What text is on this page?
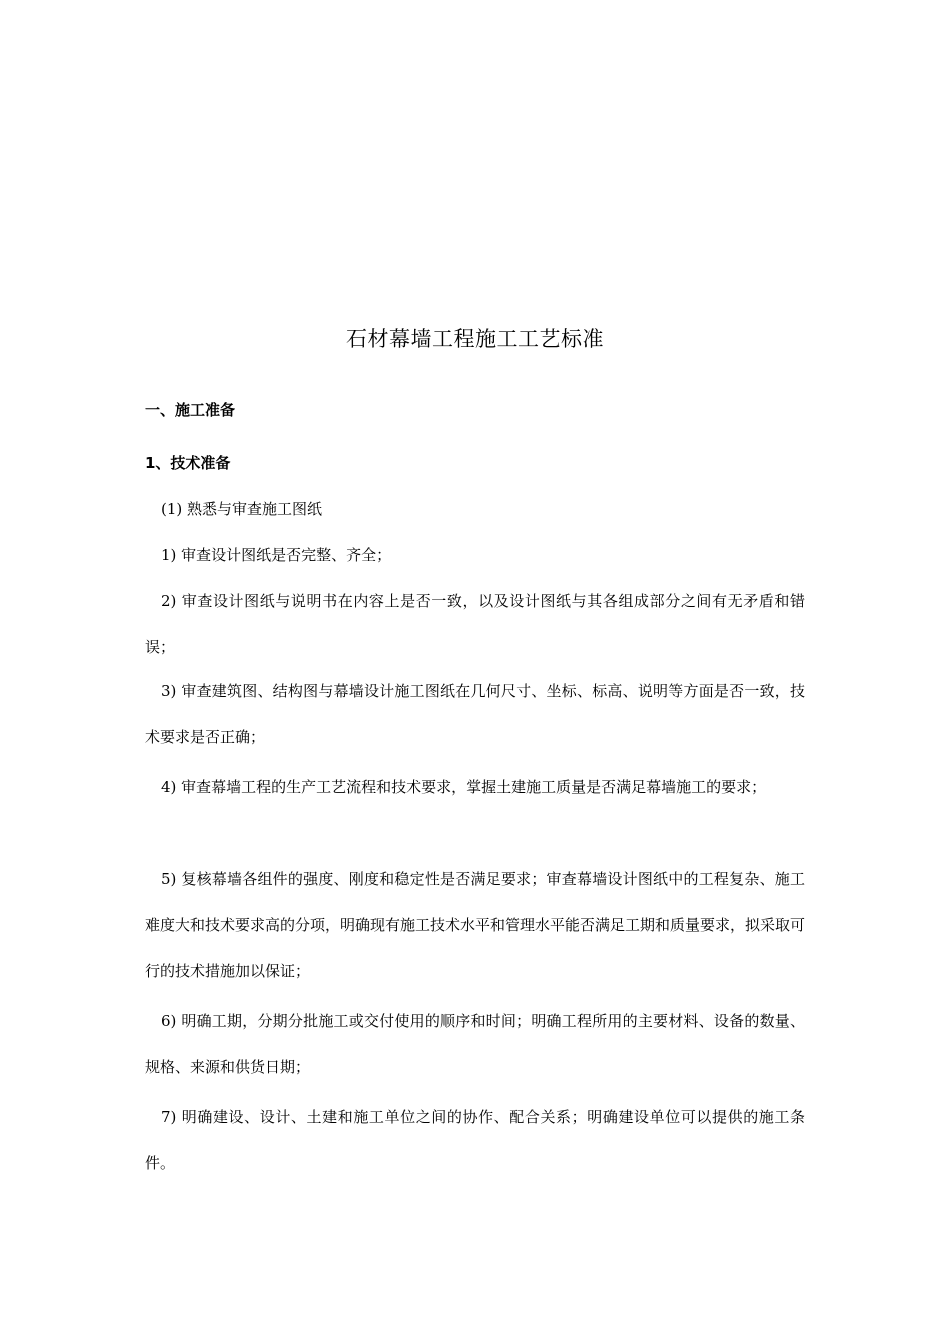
石材幕墙工程施工工艺标准
一、施工准备
1、技术准备

(1) 熟悉与审查施工图纸

1) 审查设计图纸是否完整、齐全；

2) 审查设计图纸与说明书在内容上是否一致，以及设计图纸与其各组成部分之间有无矛盾和错误；

3) 审查建筑图、结构图与幕墙设计施工图纸在几何尺寸、坐标、标高、说明等方面是否一致，技术要求是否正确；

4) 审查幕墙工程的生产工艺流程和技术要求，掌握土建施工质量是否满足幕墙施工的要求；

5) 复核幕墙各组件的强度、刚度和稳定性是否满足要求；审查幕墙设计图纸中的工程复杂、施工难度大和技术要求高的分项，明确现有施工技术水平和管理水平能否满足工期和质量要求，拟采取可行的技术措施加以保证；

6) 明确工期，分期分批施工或交付使用的顺序和时间；明确工程所用的主要材料、设备的数量、规格、来源和供货日期；

7) 明确建设、设计、土建和施工单位之间的协作、配合关系；明确建设单位可以提供的施工条件。
